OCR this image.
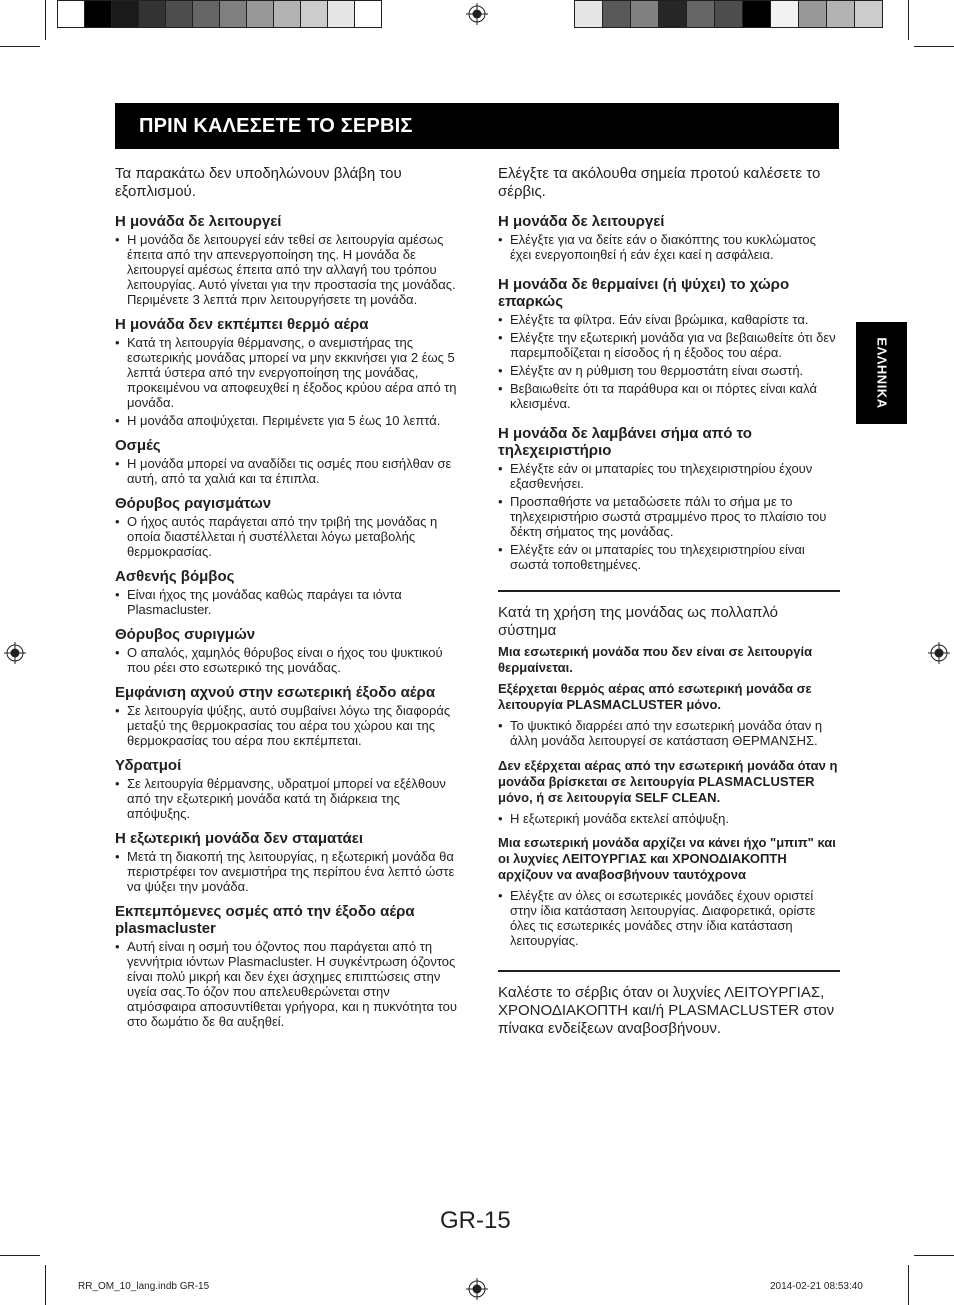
ΠΡΙΝ ΚΑΛΕΣΕΤΕ ΤΟ ΣΕΡΒΙΣ
ΕΛΛΗΝΙΚΑ

Τα παρακάτω δεν υποδηλώνουν βλάβη του εξοπλισμού.

Η μονάδα δε λειτουργεί
• Η μονάδα δε λειτουργεί εάν τεθεί σε λειτουργία αμέσως έπειτα από την απενεργοποίηση της. Η μονάδα δε λειτουργεί αμέσως έπειτα από την αλλαγή του τρόπου λειτουργίας. Αυτό γίνεται για την προστασία της μονάδας. Περιμένετε 3 λεπτά πριν λειτουργήσετε τη μονάδα.
Η μονάδα δεν εκπέμπει θερμό αέρα
• Κατά τη λειτουργία θέρμανσης, ο ανεμιστήρας της εσωτερικής μονάδας μπορεί να μην εκκινήσει για 2 έως 5 λεπτά ύστερα από την ενεργοποίηση της μονάδας, προκειμένου να αποφευχθεί η έξοδος κρύου αέρα από τη μονάδα.
• Η μονάδα αποψύχεται. Περιμένετε για 5 έως 10 λεπτά.
Οσμές
• Η μονάδα μπορεί να αναδίδει τις οσμές που εισήλθαν σε αυτή, από τα χαλιά και τα έπιπλα.
Θόρυβος ραγισμάτων
• Ο ήχος αυτός παράγεται από την τριβή της μονάδας η οποία διαστέλλεται ή συστέλλεται λόγω μεταβολής θερμοκρασίας.
Ασθενής βόμβος
• Είναι ήχος της μονάδας καθώς παράγει τα ιόντα Plasmacluster.
Θόρυβος συριγμών
• Ο απαλός, χαμηλός θόρυβος είναι ο ήχος του ψυκτικού που ρέει στο εσωτερικό της μονάδας.
Εμφάνιση αχνού στην εσωτερική έξοδο αέρα
• Σε λειτουργία ψύξης, αυτό συμβαίνει λόγω της διαφοράς μεταξύ της θερμοκρασίας του αέρα του χώρου και της θερμοκρασίας του αέρα που εκπέμπεται.
Υδρατμοί
• Σε λειτουργία θέρμανσης, υδρατμοί μπορεί να εξέλθουν από την εξωτερική μονάδα κατά τη διάρκεια της απόψυξης.
Η εξωτερική μονάδα δεν σταματάει
• Μετά τη διακοπή της λειτουργίας, η εξωτερική μονάδα θα περιστρέφει τον ανεμιστήρα της περίπου ένα λεπτό ώστε να ψύξει την μονάδα.
Εκπεμπόμενες οσμές από την έξοδο αέρα plasmacluster
• Αυτή είναι η οσμή του όζοντος που παράγεται από τη γεννήτρια ιόντων Plasmacluster. Η συγκέντρωση όζοντος είναι πολύ μικρή και δεν έχει άσχημες επιπτώσεις στην υγεία σας.Το όζον που απελευθερώνεται στην ατμόσφαιρα αποσυντίθεται γρήγορα, και η πυκνότητα του στο δωμάτιο δε θα αυξηθεί.

Ελέγξτε τα ακόλουθα σημεία προτού καλέσετε το σέρβις.

Η μονάδα δε λειτουργεί
• Ελέγξτε για να δείτε εάν ο διακόπτης του κυκλώματος έχει ενεργοποιηθεί ή εάν έχει καεί η ασφάλεια.
Η μονάδα δε θερμαίνει (ή ψύχει) το χώρο επαρκώς
• Ελέγξτε τα φίλτρα. Εάν είναι βρώμικα, καθαρίστε τα.
• Ελέγξτε την εξωτερική μονάδα για να βεβαιωθείτε ότι δεν παρεμποδίζεται η είσοδος ή η έξοδος του αέρα.
• Ελέγξτε αν η ρύθμιση του θερμοστάτη είναι σωστή.
• Βεβαιωθείτε ότι τα παράθυρα και οι πόρτες είναι καλά κλεισμένα.
Η μονάδα δε λαμβάνει σήμα από το τηλεχειριστήριο
• Ελέγξτε εάν οι μπαταρίες του τηλεχειριστηρίου έχουν εξασθενήσει.
• Προσπαθήστε να μεταδώσετε πάλι το σήμα με το τηλεχειριστήριο σωστά στραμμένο προς το πλαίσιο του δέκτη σήματος της μονάδας.
• Ελέγξτε εάν οι μπαταρίες του τηλεχειριστηρίου είναι σωστά τοποθετημένες.

Κατά τη χρήση της μονάδας ως πολλαπλό σύστημα

Μια εσωτερική μονάδα που δεν είναι σε λειτουργία θερμαίνεται.

Εξέρχεται θερμός αέρας από εσωτερική μονάδα σε λειτουργία PLASMACLUSTER μόνο.

• Το ψυκτικό διαρρέει από την εσωτερική μονάδα όταν η άλλη μονάδα λειτουργεί σε κατάσταση ΘΕΡΜΑΝΣΗΣ.

Δεν εξέρχεται αέρας από την εσωτερική μονάδα όταν η μονάδα βρίσκεται σε λειτουργία PLASMACLUSTER μόνο, ή σε λειτουργία SELF CLEAN.

• Η εξωτερική μονάδα εκτελεί απόψυξη.

Μια εσωτερική μονάδα αρχίζει να κάνει ήχο "μπιπ" και οι λυχνίες ΛΕΙΤΟΥΡΓΙΑΣ και ΧΡΟΝΟΔΙΑΚΟΠΤΗ αρχίζουν να αναβοσβήνουν ταυτόχρονα

• Ελέγξτε αν όλες οι εσωτερικές μονάδες έχουν οριστεί στην ίδια κατάσταση λειτουργίας. Διαφορετικά, ορίστε όλες τις εσωτερικές μονάδες στην ίδια κατάσταση λειτουργίας.

Καλέστε το σέρβις όταν οι λυχνίες ΛΕΙΤΟΥΡΓΙΑΣ, ΧΡΟΝΟΔΙΑΚΟΠΤΗ και/ή PLASMACLUSTER στον πίνακα ενδείξεων αναβοσβήνουν.

GR-15
RR_OM_10_lang.indb GR-15	2014-02-21 08:53:40
